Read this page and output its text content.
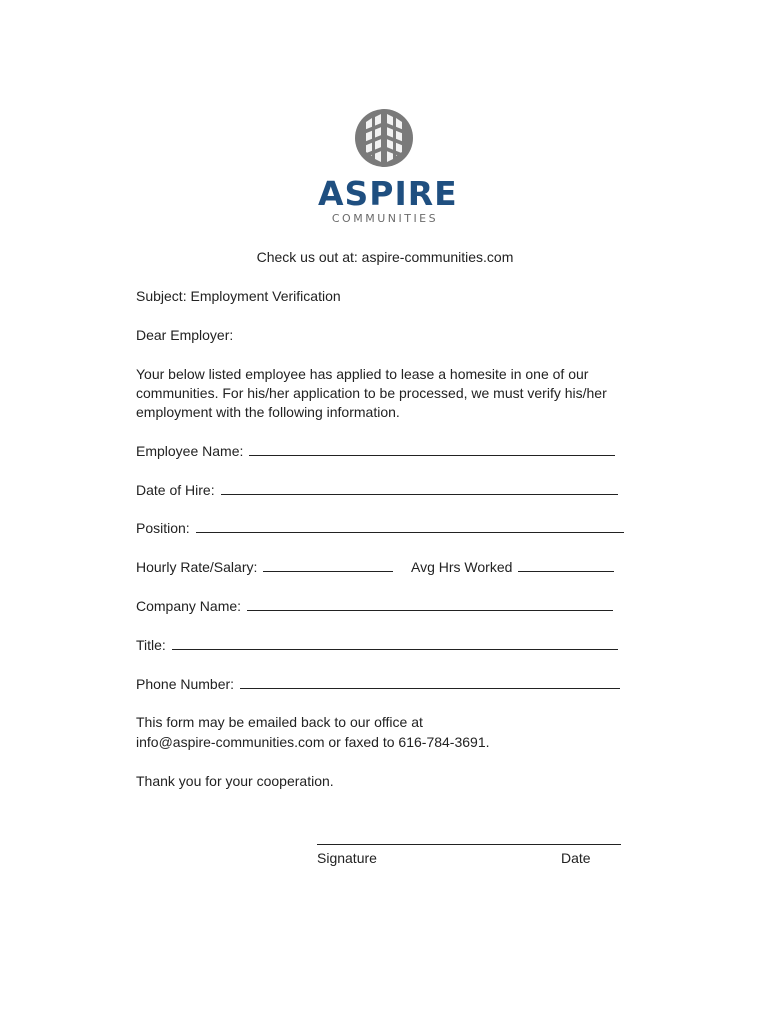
ASPIRE
COMMUNITIES
Check us out at: aspire-communities.com
Subject: Employment Verification
Dear Employer:
Your below listed employee has applied to lease a homesite in one of our
communities. For his/her application to be processed, we must verify his/her
employment with the following information.
Employee Name:
Date of Hire:
Position:
Hourly Rate/Salary:	Avg Hrs Worked
Company Name:
Title:
Phone Number:
This form may be emailed back to our office at
info@aspire-communities.com or faxed to 616-784-3691.
Thank you for your cooperation.
Signature	Date
